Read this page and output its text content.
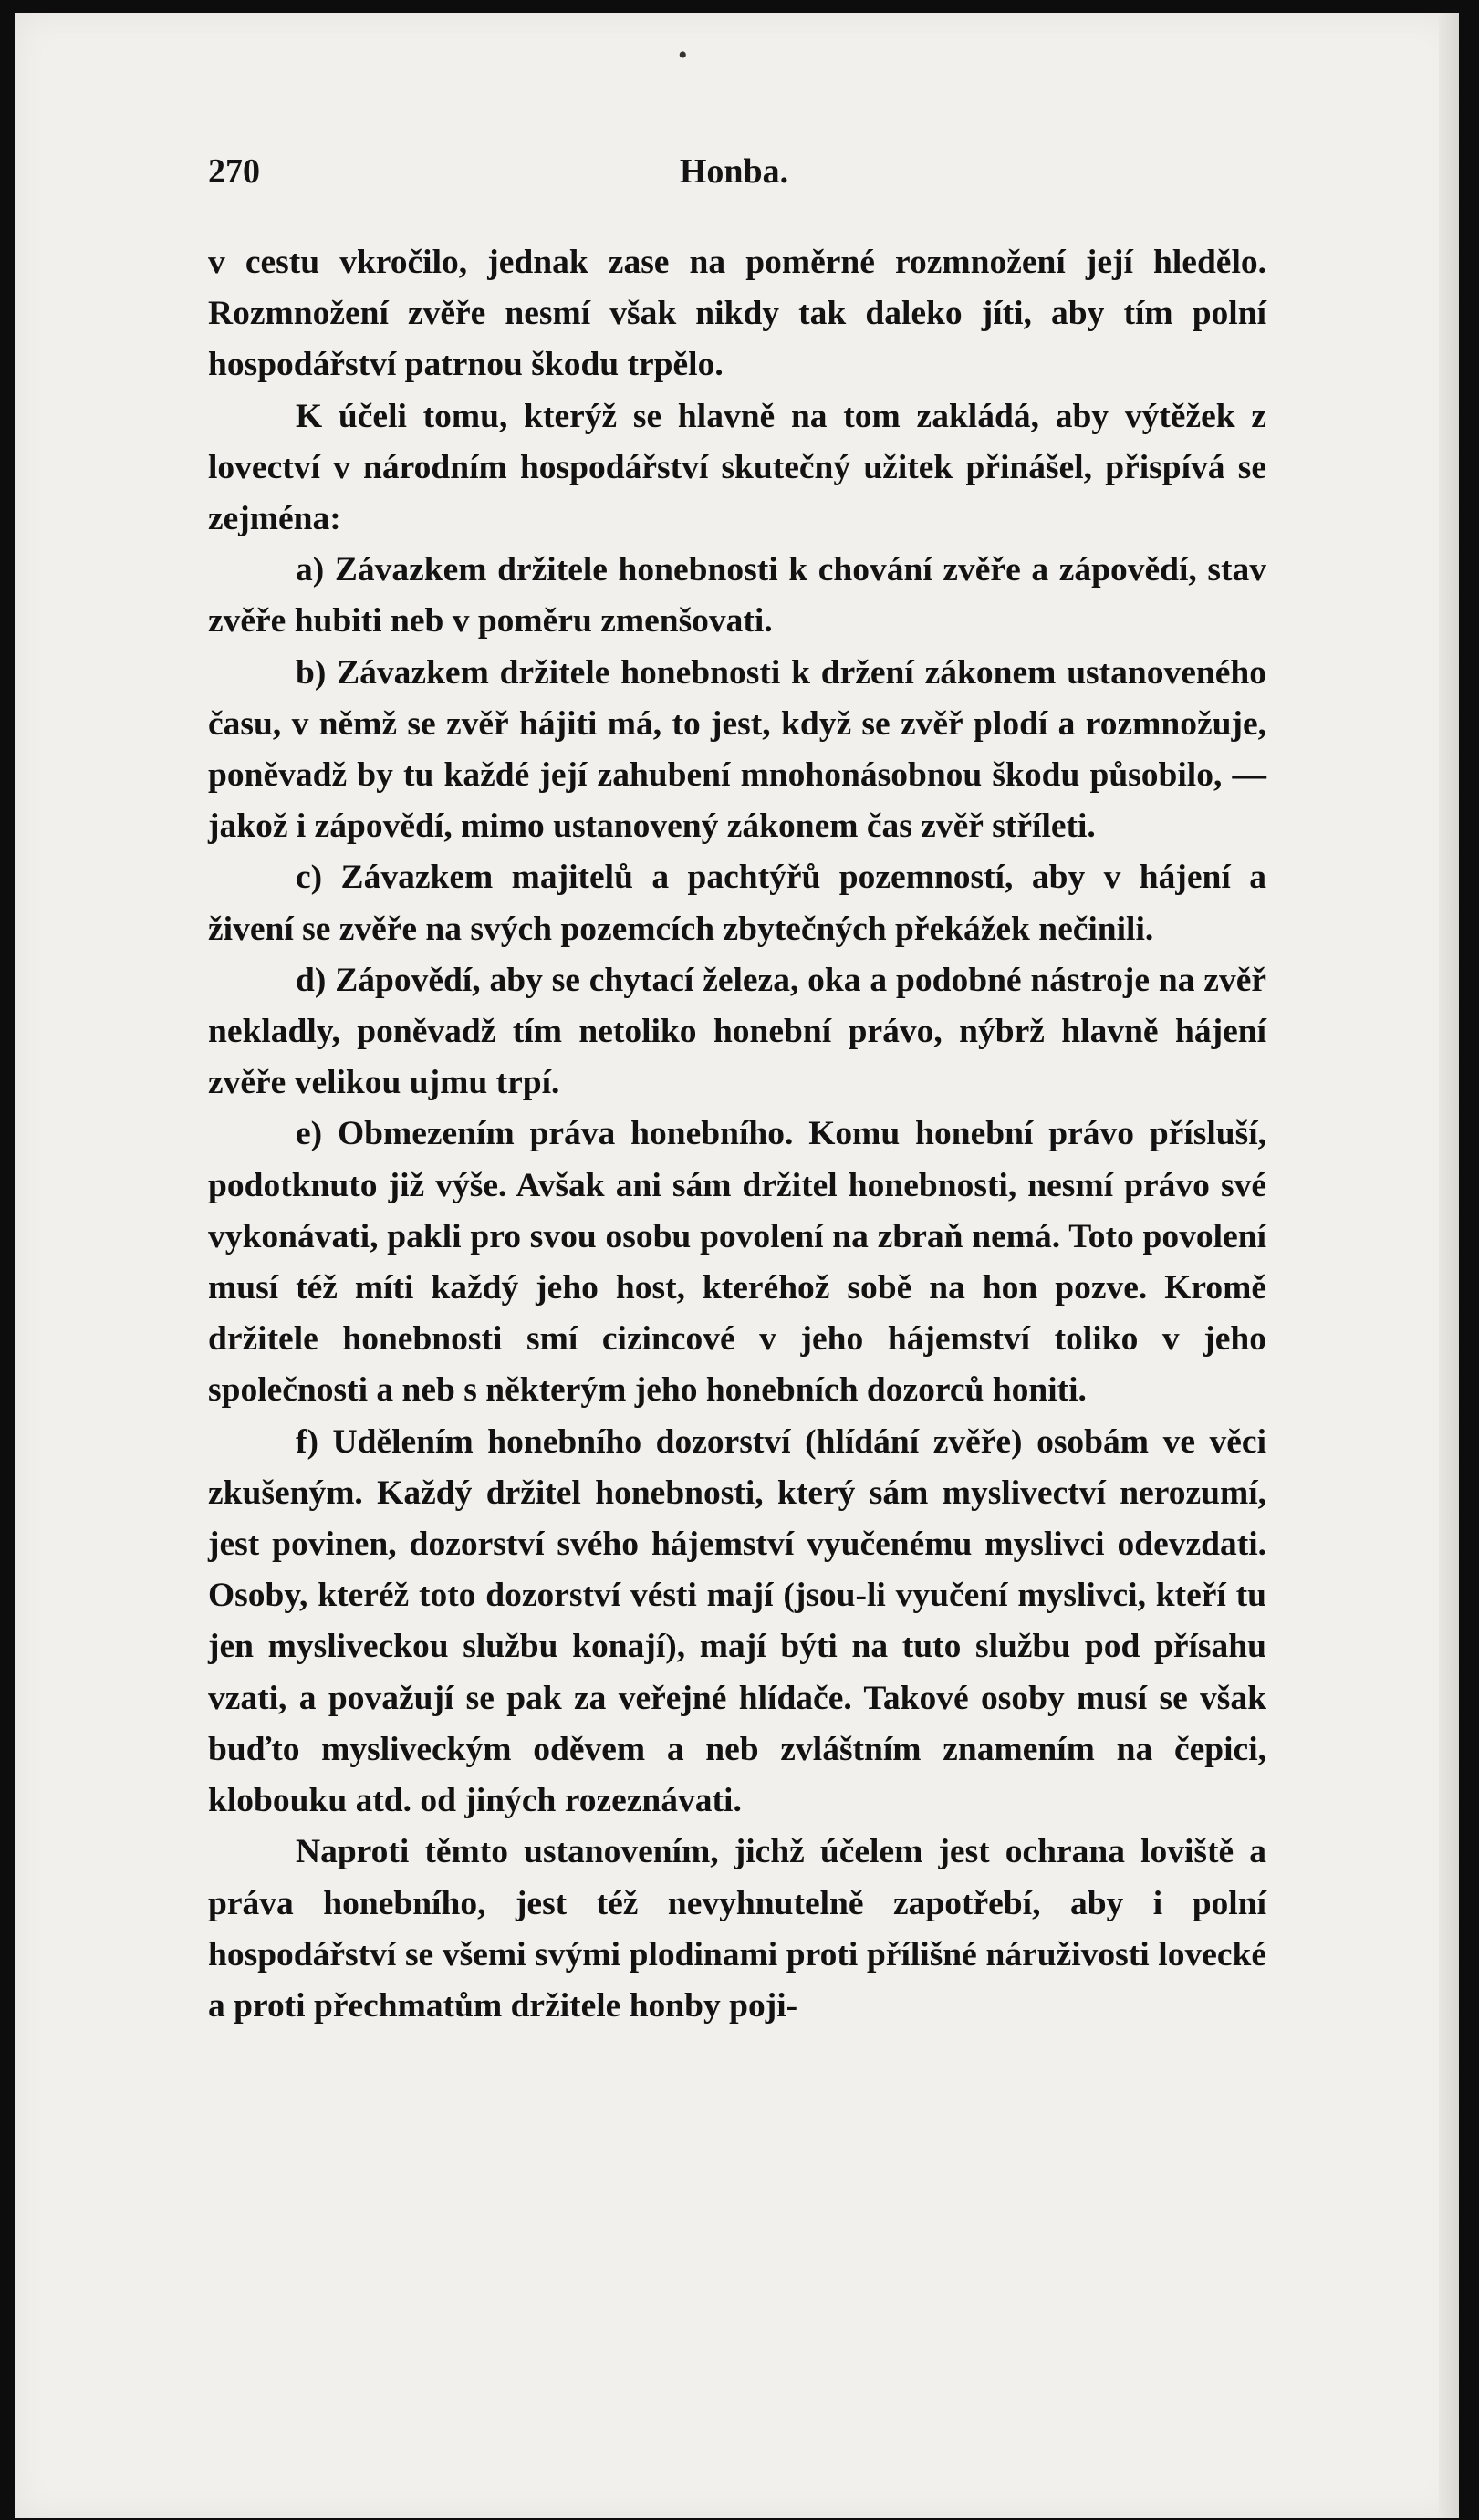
•
270	Honba.

v cestu vkročilo, jednak zase na poměrné rozmnožení její hledělo. Rozmnožení zvěře nesmí však nikdy tak daleko jíti, aby tím polní hospodářství patrnou škodu trpělo.

K účeli tomu, kterýž se hlavně na tom zakládá, aby výtěžek z lovectví v národním hospodářství skutečný užitek přinášel, přispívá se zejména:

a) Závazkem držitele honebnosti k chování zvěře a zápovědí, stav zvěře hubiti neb v poměru zmenšovati.

b) Závazkem držitele honebnosti k držení zákonem ustanoveného času, v němž se zvěř hájiti má, to jest, když se zvěř plodí a rozmnožuje, poněvadž by tu každé její zahubení mnohonásobnou škodu působilo, — jakož i zápovědí, mimo ustanovený zákonem čas zvěř stříleti.

c) Závazkem majitelů a pachtýřů pozemností, aby v hájení a živení se zvěře na svých pozemcích zbytečných překážek nečinili.

d) Zápovědí, aby se chytací železa, oka a podobné nástroje na zvěř nekladly, poněvadž tím netoliko honební právo, nýbrž hlavně hájení zvěře velikou ujmu trpí.

e) Obmezením práva honebního. Komu honební právo přísluší, podotknuto již výše. Avšak ani sám držitel honebnosti, nesmí právo své vykonávati, pakli pro svou osobu povolení na zbraň nemá. Toto povolení musí též míti každý jeho host, kteréhož sobě na hon pozve. Kromě držitele honebnosti smí cizincové v jeho hájemství toliko v jeho společnosti a neb s některým jeho honebních dozorců honiti.

f) Udělením honebního dozorství (hlídání zvěře) osobám ve věci zkušeným. Každý držitel honebnosti, který sám myslivectví nerozumí, jest povinen, dozorství svého hájemství vyučenému myslivci odevzdati. Osoby, kteréž toto dozorství vésti mají (jsou-li vyučení myslivci, kteří tu jen mysliveckou službu konají), mají býti na tuto službu pod přísahu vzati, a považují se pak za veřejné hlídače. Takové osoby musí se však buďto mysliveckým oděvem a neb zvláštním znamením na čepici, klobouku atd. od jiných rozeznávati.

Naproti těmto ustanovením, jichž účelem jest ochrana loviště a práva honebního, jest též nevyhnutelně zapotřebí, aby i polní hospodářství se všemi svými plodinami proti přílišné náruživosti lovecké a proti přechmatům držitele honby poji-
